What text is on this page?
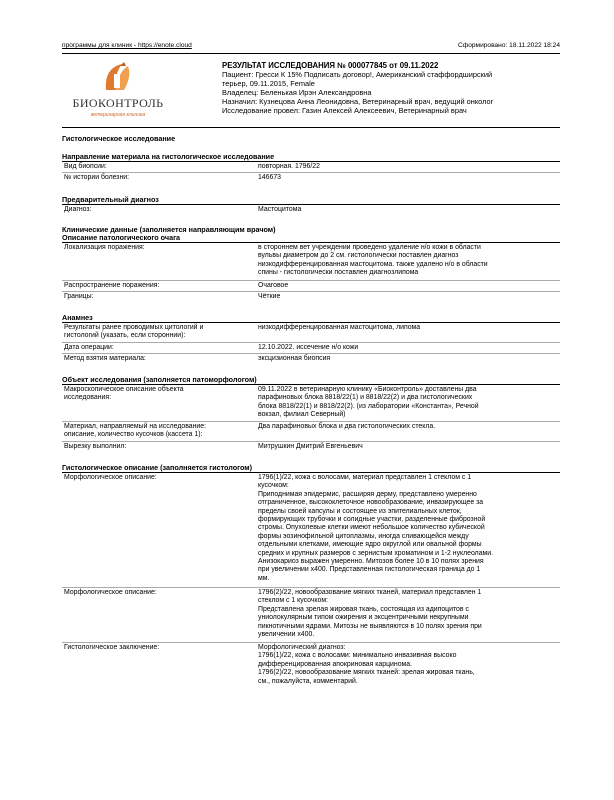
программы для клиник - https://enote.cloud	Сформировано: 18.11.2022 18:24
БИОКОНТРОЛЬ
ветеринарная клиника
РЕЗУЛЬТАТ ИССЛЕДОВАНИЯ № 000077845 от 09.11.2022
Пациент: Гресси К 15% Подписать договор!, Американский стаффордширский
терьер, 09.11.2015, Female
Владелец: Беленькая Ирэн Александровна
Назначил: Кузнецова Анна Леонидовна, Ветеринарный врач, ведущий онколог
Исследование провел: Газин Алексей Алексеевич, Ветеринарный врач
Гистологическое исследование
Направление материала на гистологическое исследование
Вид биопсии:	повторная. 1796/22
№ истории болезни:	146673
Предварительный диагноз
Диагноз:	Мастоцитома
Клинические данные (заполняется направляющим врачом)
Описание патологического очага
Локализация поражения:	в стороннем вет учреждении проведено удаление н/о кожи в области
вульвы диаметром до 2 см. гистологически поставлен диагноз
низкодифференцированная мастоцитома. также удалено н/о в области
спины - гистологически поставлен диагнозлипома
Распространение поражения:	Очаговое
Границы:	Чёткие
Анамнез
Результаты ранее проводимых цитологий и
гистологий (указать, если стороннии):
низкодифференцированная мастоцитома, липома
Дата операции:	12.10.2022. иссечение н/о кожи
Метод взятия материала:	эксцизионная биопсия
Объект исследования (заполняется патоморфологом)
Макроскопическое описание объекта
исследования:
09.11.2022 в ветеринарную клинику «Биоконтроль» доставлены два
парафиновых блока 8818/22(1) и 8818/22(2) и два гистологических
блока 8818/22(1) и 8818/22(2). (из лаборатории «Константа», Речной
вокзал, филиал Северный)
Материал, направляемый на исследование:
описание, количество кусочков (кассета 1):
Два парафиновых блока и два гистологических стекла.
Вырезку выполнил:	Митрушкин Дмитрий Евгеньевич
Гистологическое описание (заполняется гистологом)
Морфологическое описание:	1796(1)/22, кожа с волосами, материал представлен 1 стеклом с 1
кусочком:
Приподнимая эпидермис, расширяя дерму, представлено умеренно
отграниченное, высококлеточное новообразование, инвазирующее за
пределы своей капсулы и состоящее из эпителиальных клеток,
формирующих трубочки и солидные участки, разделенные фиброзной
стромы. Опухолевые клетки имеют небольшое количество кубической
формы эозинофильной цитоплазмы, иногда сливающейся между
отдельными клетками, имеющие ядро округлой или овальной формы
средних и крупных размеров с зернистым хроматином и 1-2 нуклеолами.
Анизокариоз выражен умеренно. Митозов более 10 в 10 полях зрения
при увеличении x400. Представленная гистологическая граница до 1
мм.
Морфологическое описание:	1796(2)/22, новообразование мягких тканей, материал представлен 1
стеклом с 1 кусочком:
Представлена зрелая жировая ткань, состоящая из адипоцитов с
униолокулярным типом ожирения и эксцентричными некрупными
пикнотичными ядрами. Митозы не выявляются в 10 полях зрения при
увеличении x400.
Гистологическое заключение:	Морфологический диагноз:
1796(1)/22, кожа с волосами: минимально инвазивная высоко
дифференцированная апокриновая карцинома.
1796(2)/22, новообразование мягких тканей: зрелая жировая ткань,
см., пожалуйста, комментарий.
